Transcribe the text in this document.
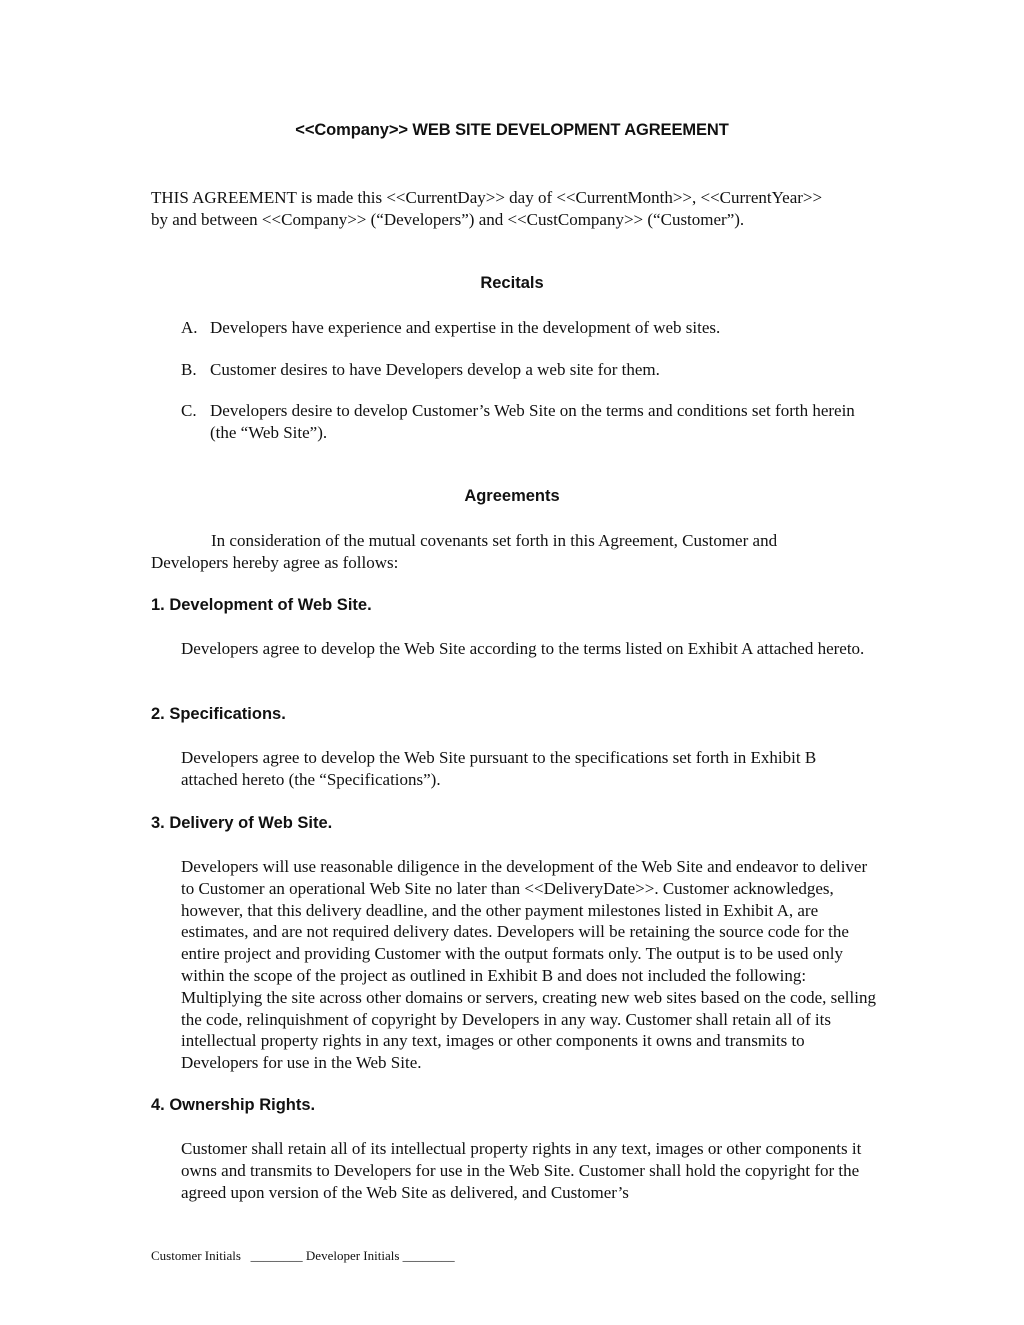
<<Company>> WEB SITE DEVELOPMENT AGREEMENT

THIS AGREEMENT is made this <<CurrentDay>> day of <<CurrentMonth>>, <<CurrentYear>> by and between <<Company>> (“Developers”) and <<CustCompany>> (“Customer”).

Recitals
A. Developers have experience and expertise in the development of web sites.
B. Customer desires to have Developers develop a web site for them.
C. Developers desire to develop Customer’s Web Site on the terms and conditions set forth herein (the “Web Site”).
Agreements

In consideration of the mutual covenants set forth in this Agreement, Customer and Developers hereby agree as follows:

1. Development of Web Site.

Developers agree to develop the Web Site according to the terms listed on Exhibit A attached hereto.

2. Specifications.

Developers agree to develop the Web Site pursuant to the specifications set forth in Exhibit B attached hereto (the “Specifications”).

3. Delivery of Web Site.

Developers will use reasonable diligence in the development of the Web Site and endeavor to deliver to Customer an operational Web Site no later than <<DeliveryDate>>. Customer acknowledges, however, that this delivery deadline, and the other payment milestones listed in Exhibit A, are estimates, and are not required delivery dates. Developers will be retaining the source code for the entire project and providing Customer with the output formats only. The output is to be used only within the scope of the project as outlined in Exhibit B and does not included the following: Multiplying the site across other domains or servers, creating new web sites based on the code, selling the code, relinquishment of copyright by Developers in any way. Customer shall retain all of its intellectual property rights in any text, images or other components it owns and transmits to Developers for use in the Web Site.

4. Ownership Rights.

Customer shall retain all of its intellectual property rights in any text, images or other components it owns and transmits to Developers for use in the Web Site. Customer shall hold the copyright for the agreed upon version of the Web Site as delivered, and Customer’s

Customer Initials ________ Developer Initials ________
